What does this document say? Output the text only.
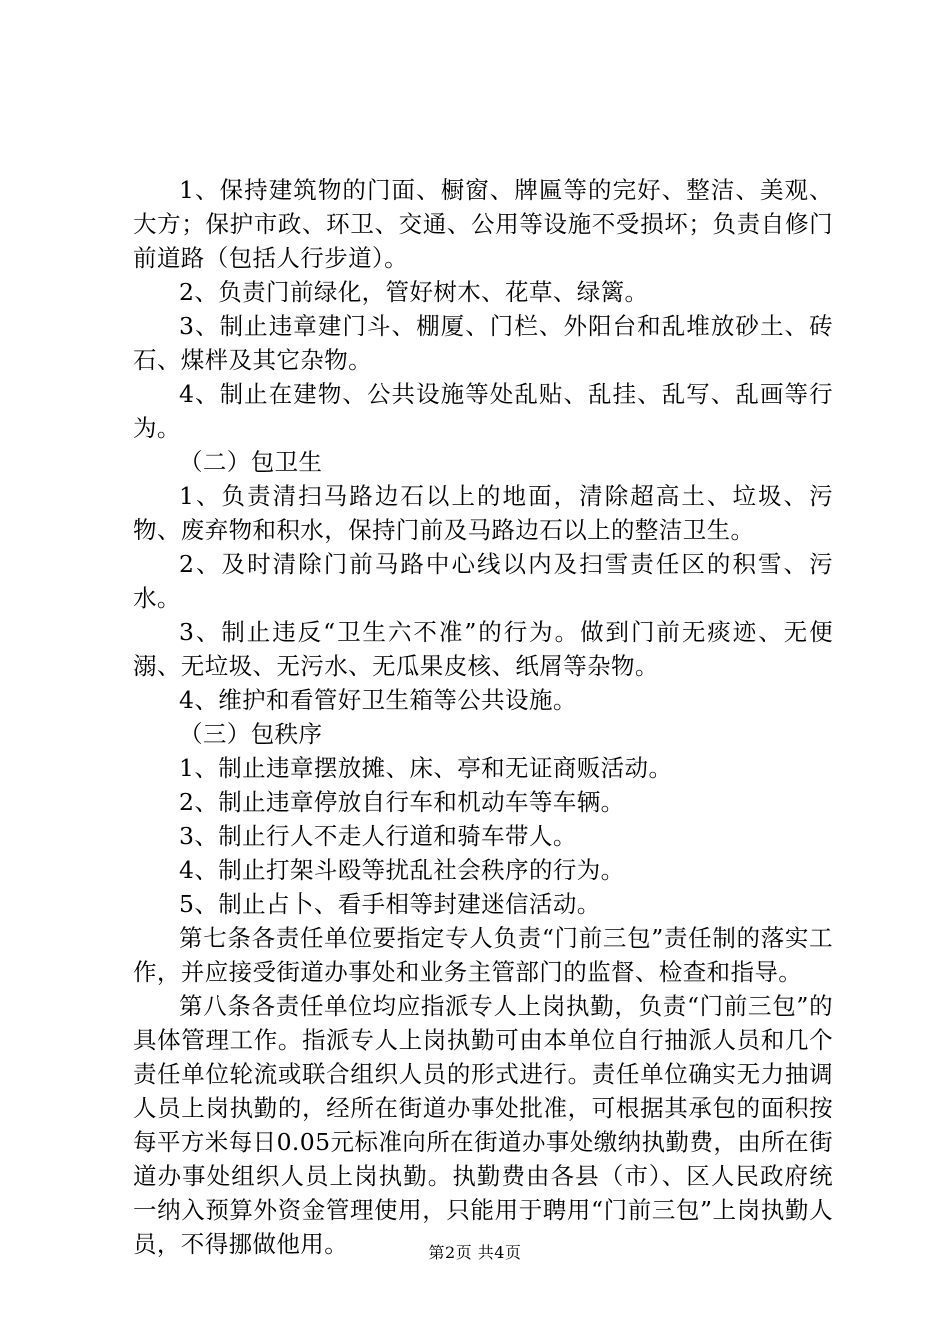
1、保持建筑物的门面、橱窗、牌匾等的完好、整洁、美观、大方；保护市政、环卫、交通、公用等设施不受损坏；负责自修门前道路（包括人行步道）。

2、负责门前绿化，管好树木、花草、绿篱。

3、制止违章建门斗、棚厦、门栏、外阳台和乱堆放砂土、砖石、煤柈及其它杂物。

4、制止在建物、公共设施等处乱贴、乱挂、乱写、乱画等行为。

（二）包卫生

1、负责清扫马路边石以上的地面，清除超高土、垃圾、污物、废弃物和积水，保持门前及马路边石以上的整洁卫生。

2、及时清除门前马路中心线以内及扫雪责任区的积雪、污水。

3、制止违反“卫生六不准”的行为。做到门前无痰迹、无便溺、无垃圾、无污水、无瓜果皮核、纸屑等杂物。

4、维护和看管好卫生箱等公共设施。

（三）包秩序

1、制止违章摆放摊、床、亭和无证商贩活动。

2、制止违章停放自行车和机动车等车辆。

3、制止行人不走人行道和骑车带人。

4、制止打架斗殴等扰乱社会秩序的行为。

5、制止占卜、看手相等封建迷信活动。

第七条各责任单位要指定专人负责“门前三包”责任制的落实工作，并应接受街道办事处和业务主管部门的监督、检查和指导。

第八条各责任单位均应指派专人上岗执勤，负责“门前三包”的具体管理工作。指派专人上岗执勤可由本单位自行抽派人员和几个责任单位轮流或联合组织人员的形式进行。责任单位确实无力抽调人员上岗执勤的，经所在街道办事处批准，可根据其承包的面积按每平方米每日0.05元标准向所在街道办事处缴纳执勤费，由所在街道办事处组织人员上岗执勤。执勤费由各县（市）、区人民政府统一纳入预算外资金管理使用，只能用于聘用“门前三包”上岗执勤人员，不得挪做他用。	第2页 共4页
